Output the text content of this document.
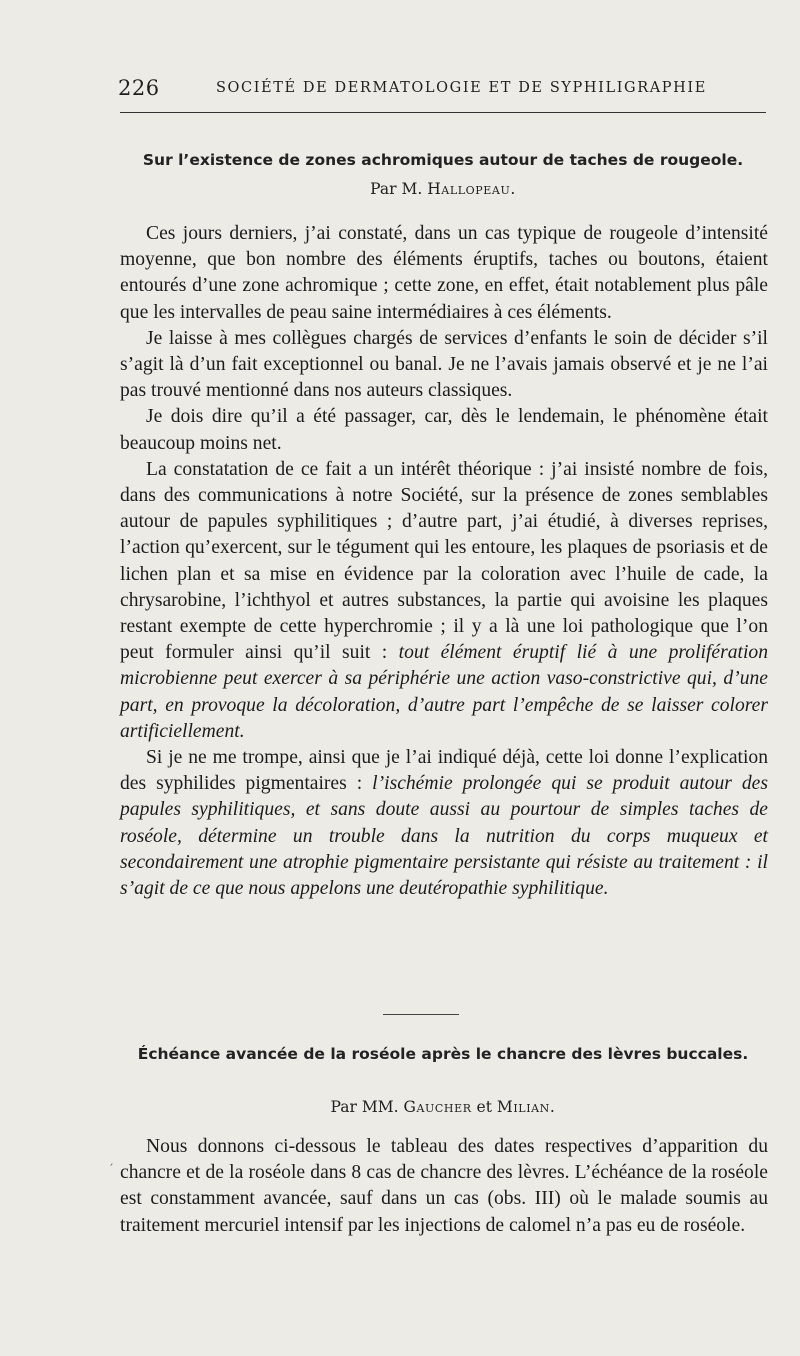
226	SOCIÉTÉ DE DERMATOLOGIE ET DE SYPHILIGRAPHIE
Sur l’existence de zones achromiques autour de taches de rougeole.
Par M. Hallopeau.

Ces jours derniers, j’ai constaté, dans un cas typique de rougeole d’intensité moyenne, que bon nombre des éléments éruptifs, taches ou boutons, étaient entourés d’une zone achromique ; cette zone, en effet, était notablement plus pâle que les intervalles de peau saine intermédiaires à ces éléments.

Je laisse à mes collègues chargés de services d’enfants le soin de décider s’il s’agit là d’un fait exceptionnel ou banal. Je ne l’avais jamais observé et je ne l’ai pas trouvé mentionné dans nos auteurs classiques.

Je dois dire qu’il a été passager, car, dès le lendemain, le phénomène était beaucoup moins net.

La constatation de ce fait a un intérêt théorique : j’ai insisté nombre de fois, dans des communications à notre Société, sur la présence de zones semblables autour de papules syphilitiques ; d’autre part, j’ai étudié, à diverses reprises, l’action qu’exercent, sur le tégument qui les entoure, les plaques de psoriasis et de lichen plan et sa mise en évidence par la coloration avec l’huile de cade, la chrysarobine, l’ichthyol et autres substances, la partie qui avoisine les plaques restant exempte de cette hyperchromie ; il y a là une loi pathologique que l’on peut formuler ainsi qu’il suit : tout élément éruptif lié à une prolifération microbienne peut exercer à sa périphérie une action vaso-constrictive qui, d’une part, en provoque la décoloration, d’autre part l’empêche de se laisser colorer artificiellement.

Si je ne me trompe, ainsi que je l’ai indiqué déjà, cette loi donne l’explication des syphilides pigmentaires : l’ischémie prolongée qui se produit autour des papules syphilitiques, et sans doute aussi au pourtour de simples taches de roséole, détermine un trouble dans la nutrition du corps muqueux et secondairement une atrophie pigmentaire persistante qui résiste au traitement : il s’agit de ce que nous appelons une deutéropathie syphilitique.

Échéance avancée de la roséole après le chancre des lèvres buccales.
Par MM. Gaucher et Milian.

Nous donnons ci-dessous le tableau des dates respectives d’apparition du chancre et de la roséole dans 8 cas de chancre des lèvres. L’échéance de la roséole est constamment avancée, sauf dans un cas (obs. III) où le malade soumis au traitement mercuriel intensif par les injections de calomel n’a pas eu de roséole.

′
